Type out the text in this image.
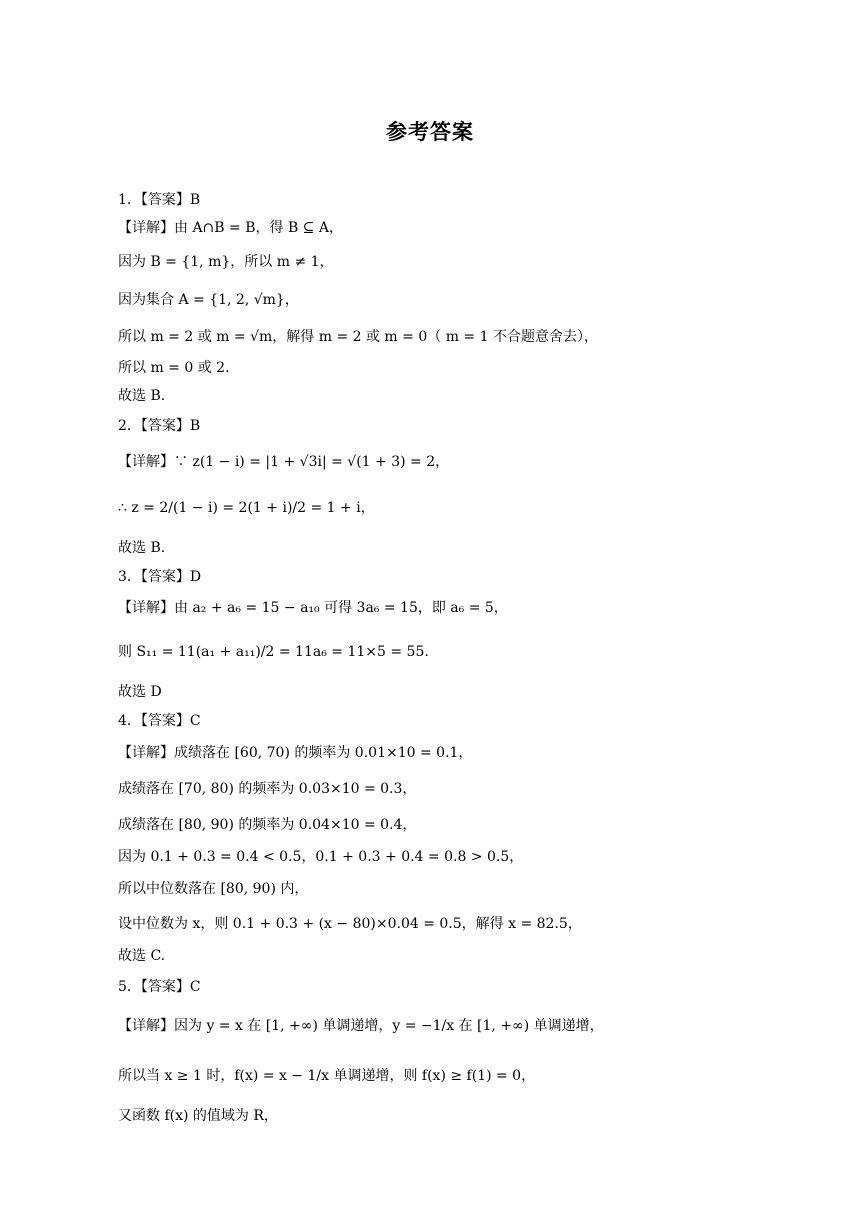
参考答案
1．【答案】B
【详解】由 A∩B = B，得 B ⊆ A，
因为 B = {1, m}，所以 m ≠ 1，
因为集合 A = {1, 2, √m}，
所以 m = 2 或 m = √m，解得 m = 2 或 m = 0（ m = 1 不合题意舍去），
所以 m = 0 或 2.
故选 B.
2．【答案】B
【详解】∵ z(1 − i) = |1 + √3i| = √(1 + 3) = 2，
∴ z = 2/(1 − i) = 2(1 + i)/2 = 1 + i，
故选 B.
3．【答案】D
【详解】由 a₂ + a₆ = 15 − a₁₀ 可得 3a₆ = 15，即 a₆ = 5，
则 S₁₁ = 11(a₁ + a₁₁)/2 = 11a₆ = 11×5 = 55.
故选 D
4．【答案】C
【详解】成绩落在 [60, 70) 的频率为 0.01×10 = 0.1，
成绩落在 [70, 80) 的频率为 0.03×10 = 0.3，
成绩落在 [80, 90) 的频率为 0.04×10 = 0.4，
因为 0.1 + 0.3 = 0.4 < 0.5，0.1 + 0.3 + 0.4 = 0.8 > 0.5，
所以中位数落在 [80, 90) 内，
设中位数为 x，则 0.1 + 0.3 + (x − 80)×0.04 = 0.5，解得 x = 82.5，
故选 C.
5．【答案】C
【详解】因为 y = x 在 [1, +∞) 单调递增，y = −1/x 在 [1, +∞) 单调递增，
所以当 x ≥ 1 时，f(x) = x − 1/x 单调递增，则 f(x) ≥ f(1) = 0，
又函数 f(x) 的值域为 R，
